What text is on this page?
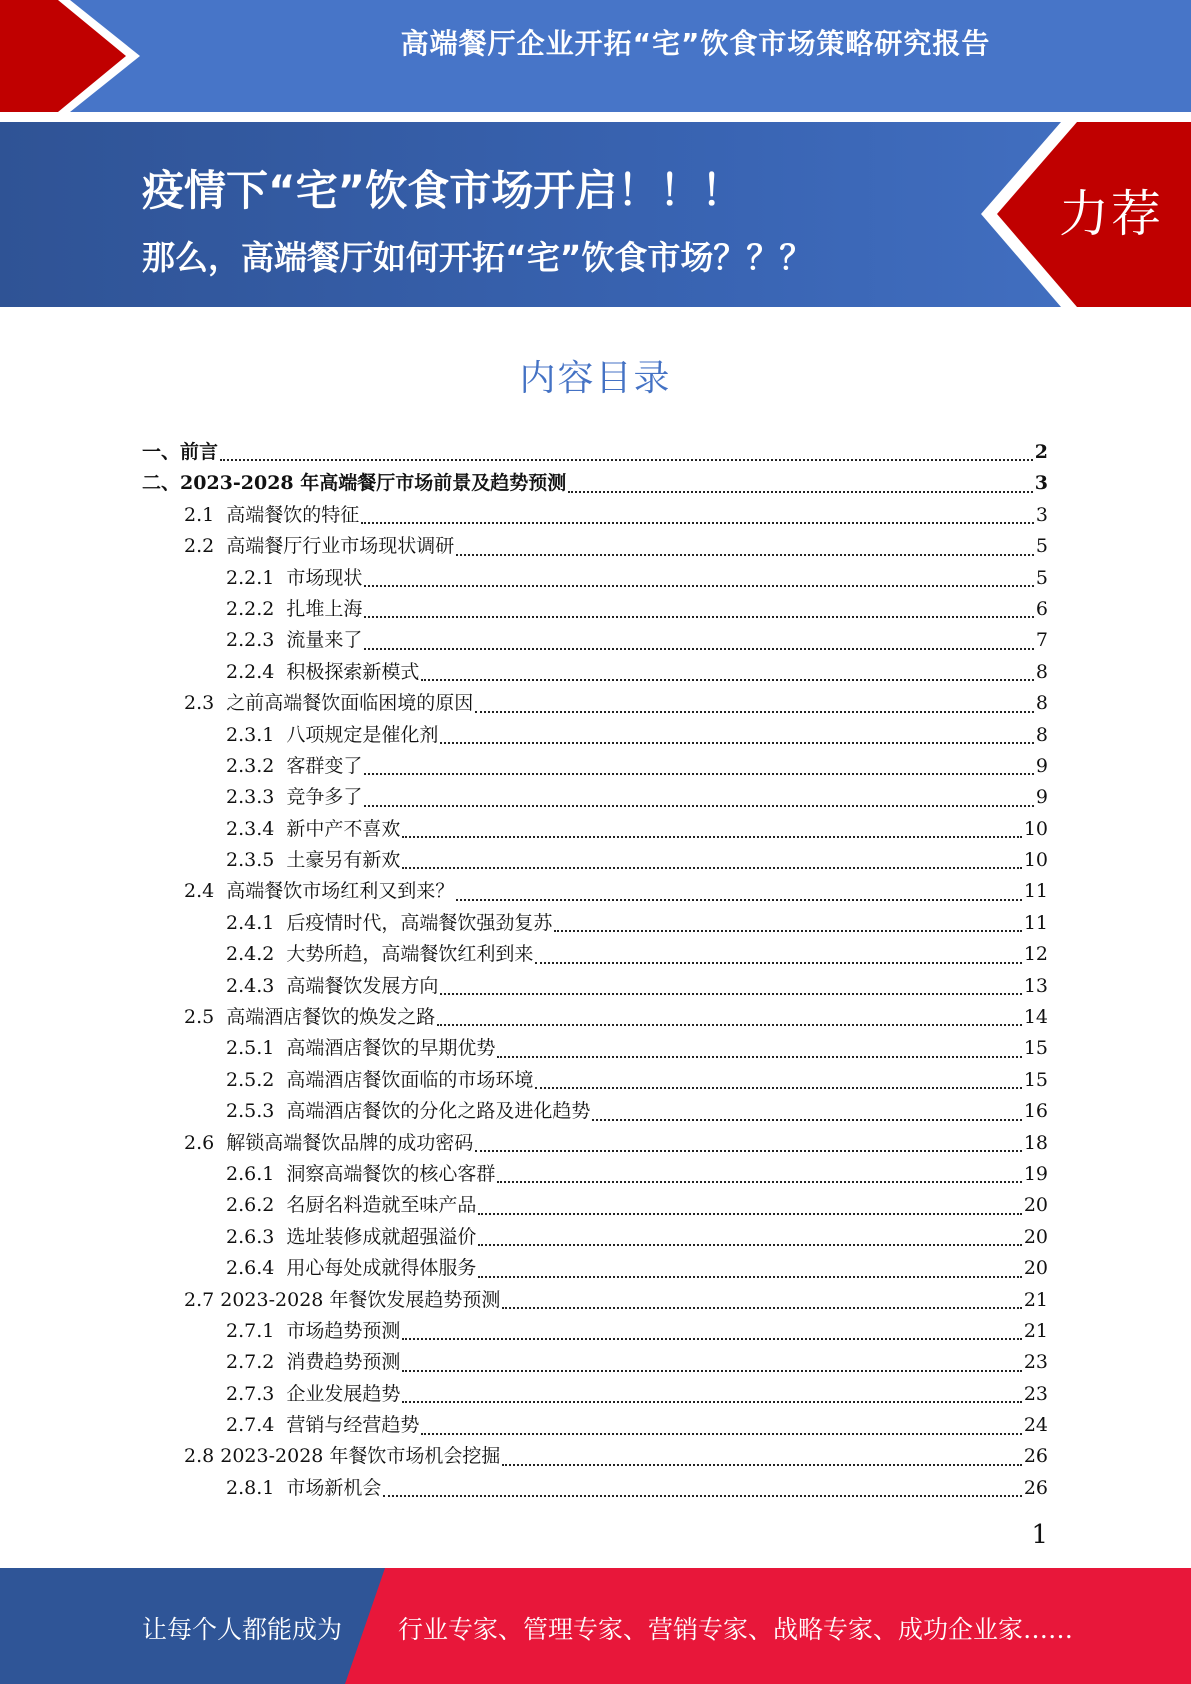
高端餐厅企业开拓“宅”饮食市场策略研究报告
疫情下“宅”饮食市场开启！！！
那么，高端餐厅如何开拓“宅”饮食市场？？？
力荐
内容目录
一、前言	2
二、2023-2028 年高端餐厅市场前景及趋势预测	3
2.1  高端餐饮的特征	3
2.2  高端餐厅行业市场现状调研	5
2.2.1  市场现状	5
2.2.2  扎堆上海	6
2.2.3  流量来了	7
2.2.4  积极探索新模式	8
2.3  之前高端餐饮面临困境的原因	8
2.3.1  八项规定是催化剂	8
2.3.2  客群变了	9
2.3.3  竞争多了	9
2.3.4  新中产不喜欢	10
2.3.5  土豪另有新欢	10
2.4  高端餐饮市场红利又到来？	11
2.4.1  后疫情时代，高端餐饮强劲复苏	11
2.4.2  大势所趋，高端餐饮红利到来	12
2.4.3  高端餐饮发展方向	13
2.5  高端酒店餐饮的焕发之路	14
2.5.1  高端酒店餐饮的早期优势	15
2.5.2  高端酒店餐饮面临的市场环境	15
2.5.3  高端酒店餐饮的分化之路及进化趋势	16
2.6  解锁高端餐饮品牌的成功密码	18
2.6.1  洞察高端餐饮的核心客群	19
2.6.2  名厨名料造就至味产品	20
2.6.3  选址装修成就超强溢价	20
2.6.4  用心每处成就得体服务	20
2.7 2023-2028 年餐饮发展趋势预测	21
2.7.1  市场趋势预测	21
2.7.2  消费趋势预测	23
2.7.3  企业发展趋势	23
2.7.4  营销与经营趋势	24
2.8 2023-2028 年餐饮市场机会挖掘	26
2.8.1  市场新机会	26
1
让每个人都能成为 行业专家、管理专家、营销专家、战略专家、成功企业家……
